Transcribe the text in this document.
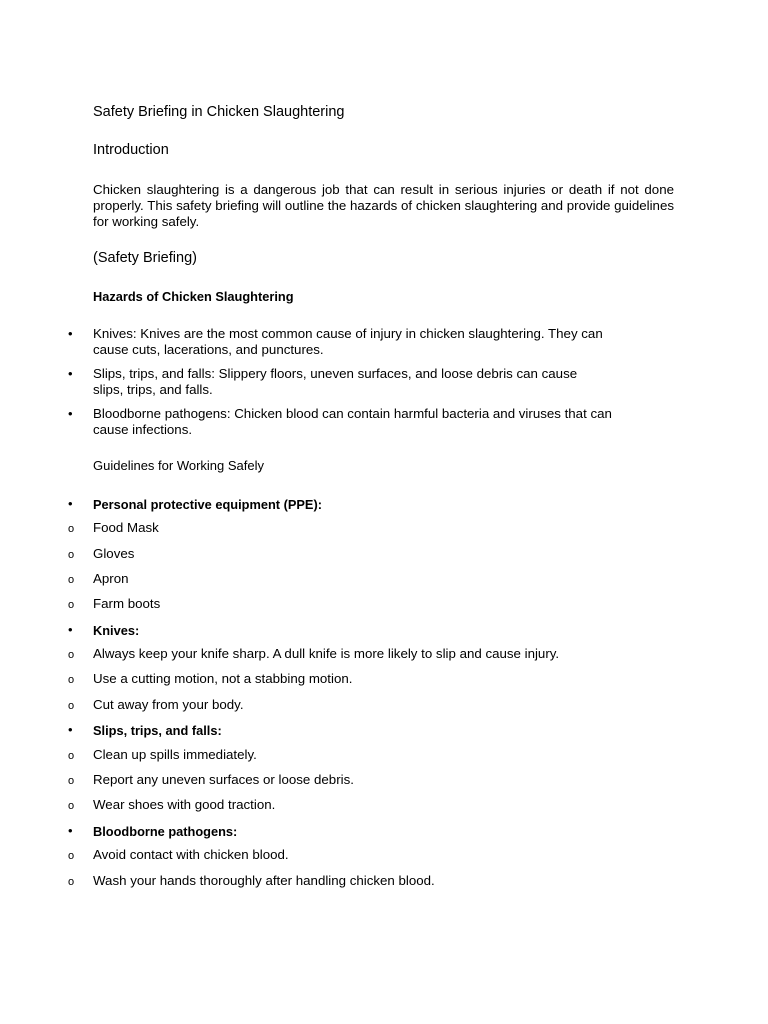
Safety Briefing in Chicken Slaughtering
Introduction
Chicken slaughtering is a dangerous job that can result in serious injuries or death if not done properly. This safety briefing will outline the hazards of chicken slaughtering and provide guidelines for working safely.
(Safety Briefing)
Hazards of Chicken Slaughtering
• Knives: Knives are the most common cause of injury in chicken slaughtering. They can
cause cuts, lacerations, and punctures.
• Slips, trips, and falls: Slippery floors, uneven surfaces, and loose debris can cause
slips, trips, and falls.
• Bloodborne pathogens: Chicken blood can contain harmful bacteria and viruses that can
cause infections.
Guidelines for Working Safely
• Personal protective equipment (PPE):
o Food Mask
o Gloves
o Apron
o Farm boots
• Knives:
o Always keep your knife sharp. A dull knife is more likely to slip and cause injury.
o Use a cutting motion, not a stabbing motion.
o Cut away from your body.
• Slips, trips, and falls:
o Clean up spills immediately.
o Report any uneven surfaces or loose debris.
o Wear shoes with good traction.
• Bloodborne pathogens:
o Avoid contact with chicken blood.
o Wash your hands thoroughly after handling chicken blood.
